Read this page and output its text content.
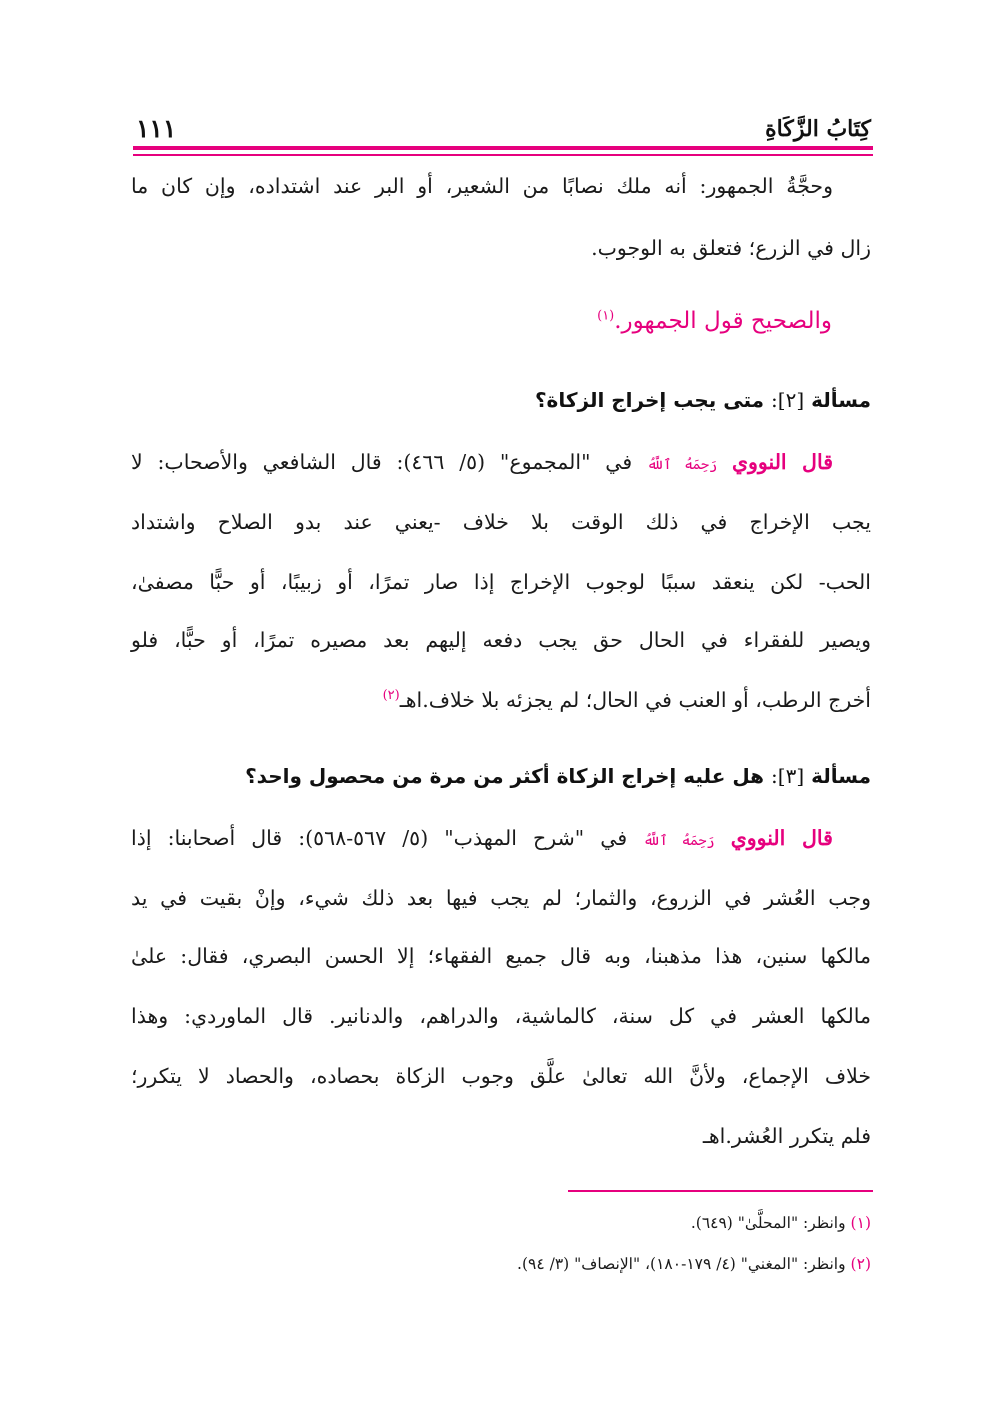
كِتَابُ الزَّكَاةِ
١١١
وحجَّةُ الجمهور: أنه ملك نصابًا من الشعير، أو البر عند اشتداده، وإن كان ما
زال في الزرع؛ فتعلق به الوجوب.
والصحيح قول الجمهور.$^{(١)}$
مسألة [٢]: متى يجب إخراج الزكاة؟
قال النووي رَحِمَهُ ٱللَّهُ في "المجموع" (٥/ ٤٦٦): قال الشافعي والأصحاب: لا
يجب الإخراج في ذلك الوقت بلا خلاف -يعني عند بدو الصلاح واشتداد
الحب- لكن ينعقد سببًا لوجوب الإخراج إذا صار تمرًا، أو زبيبًا، أو حبًّا مصفىٰ،
ويصير للفقراء في الحال حق يجب دفعه إليهم بعد مصيره تمرًا، أو حبًّا، فلو
أخرج الرطب، أو العنب في الحال؛ لم يجزئه بلا خلاف.اهـ$^{(٢)}$
مسألة [٣]: هل عليه إخراج الزكاة أكثر من مرة من محصول واحد؟
قال النووي رَحِمَهُ ٱللَّهُ في "شرح المهذب" (٥/ ٥٦٧-٥٦٨): قال أصحابنا: إذا
وجب العُشر في الزروع، والثمار؛ لم يجب فيها بعد ذلك شيء، وإنْ بقيت في يد
مالكها سنين، هذا مذهبنا، وبه قال جميع الفقهاء؛ إلا الحسن البصري، فقال: علىٰ
مالكها العشر في كل سنة، كالماشية، والدراهم، والدنانير. قال الماوردي: وهذا
خلاف الإجماع، ولأنَّ الله تعالىٰ علَّق وجوب الزكاة بحصاده، والحصاد لا يتكرر؛
فلم يتكرر العُشر.اهـ
(١) وانظر: "المحلَّىٰ" (٦٤٩).
(٢) وانظر: "المغني" (٤/ ١٧٩-١٨٠)، "الإنصاف" (٣/ ٩٤).
